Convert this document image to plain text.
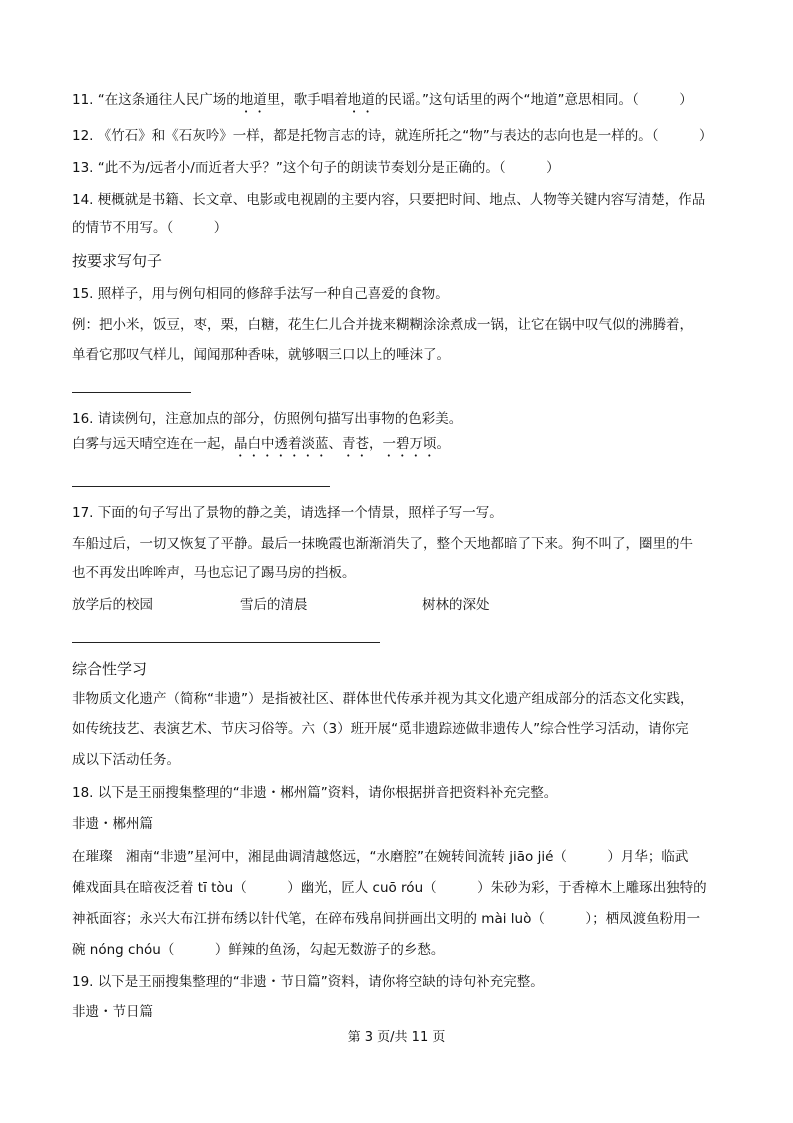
11. “在这条通往人民广场的地道里，歌手唱着地道的民谣。”这句话里的两个“地道”意思相同。（　　　）
12. 《竹石》和《石灰吟》一样，都是托物言志的诗，就连所托之“物”与表达的志向也是一样的。（　　　）
13. “此不为/远者小/而近者大乎？”这个句子的朗读节奏划分是正确的。（　　　）
14. 梗概就是书籍、长文章、电影或电视剧的主要内容，只要把时间、地点、人物等关键内容写清楚，作品
的情节不用写。（　　　）
按要求写句子
15. 照样子，用与例句相同的修辞手法写一种自己喜爱的食物。
例：把小米，饭豆，枣，栗，白糖，花生仁儿合并拢来糊糊涂涂煮成一锅，让它在锅中叹气似的沸腾着，
单看它那叹气样儿，闻闻那种香味，就够咽三口以上的唾沫了。
16. 请读例句，注意加点的部分，仿照例句描写出事物的色彩美。
白雾与远天晴空连在一起，晶白中透着淡蓝、青苍，一碧万顷。
17. 下面的句子写出了景物的静之美，请选择一个情景，照样子写一写。
车船过后，一切又恢复了平静。最后一抹晚霞也渐渐消失了，整个天地都暗了下来。狗不叫了，圈里的牛
也不再发出哞哞声，马也忘记了踢马房的挡板。
放学后的校园	雪后的清晨	树林的深处
综合性学习
非物质文化遗产（简称“非遗”）是指被社区、群体世代传承并视为其文化遗产组成部分的活态文化实践，
如传统技艺、表演艺术、节庆习俗等。六（3）班开展“觅非遗踪迹做非遗传人”综合性学习活动，请你完
成以下活动任务。
18. 以下是王丽搜集整理的“非遗・郴州篇”资料，请你根据拼音把资料补充完整。
非遗・郴州篇
在璀璨　湘南“非遗”星河中，湘昆曲调清越悠远，“水磨腔”在婉转间流转 jiāo jié（　　　）月华；临武
傩戏面具在暗夜泛着 tī tòu（　　　）幽光，匠人 cuō róu（　　　）朱砂为彩，于香樟木上雕琢出独特的
神祇面容；永兴大布江拼布绣以针代笔，在碎布残帛间拼画出文明的 mài luò（　　　）；栖凤渡鱼粉用一
碗 nóng chóu（　　　）鲜辣的鱼汤，勾起无数游子的乡愁。
19. 以下是王丽搜集整理的“非遗・节日篇”资料，请你将空缺的诗句补充完整。
非遗・节日篇
第 3 页/共 11 页
